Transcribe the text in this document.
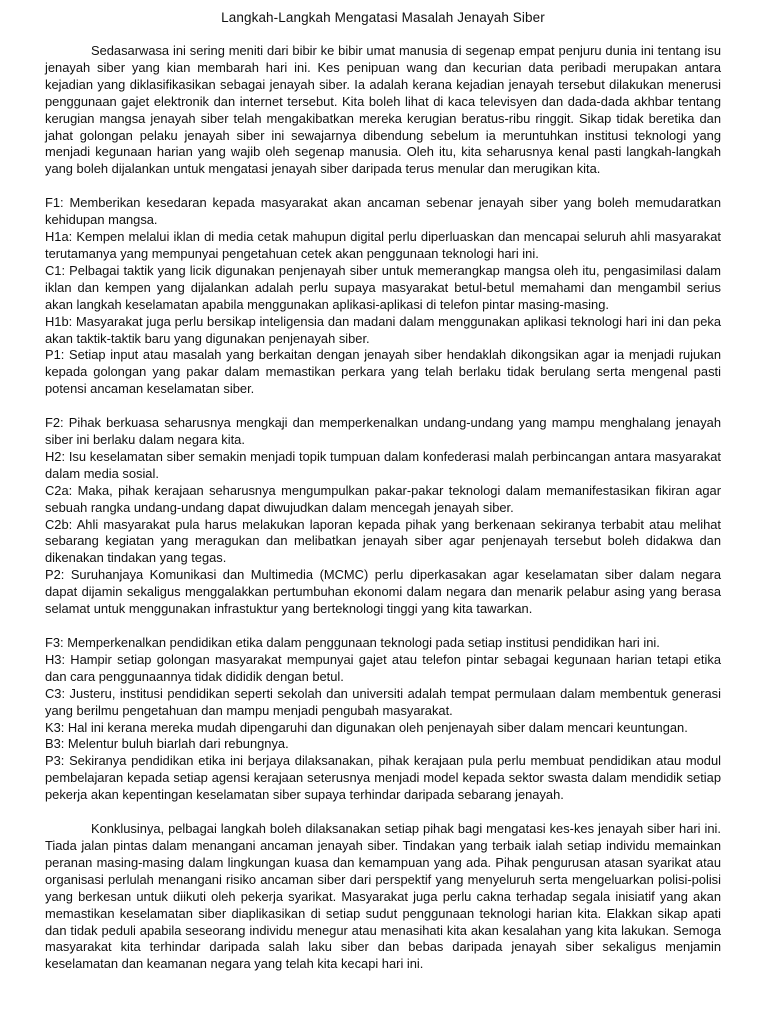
Langkah-Langkah Mengatasi Masalah Jenayah Siber

Sedasarwasa ini sering meniti dari bibir ke bibir umat manusia di segenap empat penjuru dunia ini tentang isu jenayah siber yang kian membarah hari ini. Kes penipuan wang dan kecurian data peribadi merupakan antara kejadian yang diklasifikasikan sebagai jenayah siber. Ia adalah kerana kejadian jenayah tersebut dilakukan menerusi penggunaan gajet elektronik dan internet tersebut. Kita boleh lihat di kaca televisyen dan dada-dada akhbar tentang kerugian mangsa jenayah siber telah mengakibatkan mereka kerugian beratus-ribu ringgit. Sikap tidak beretika dan jahat golongan pelaku jenayah siber ini sewajarnya dibendung sebelum ia meruntuhkan institusi teknologi yang menjadi kegunaan harian yang wajib oleh segenap manusia. Oleh itu, kita seharusnya kenal pasti langkah-langkah yang boleh dijalankan untuk mengatasi jenayah siber daripada terus menular dan merugikan kita.

F1: Memberikan kesedaran kepada masyarakat akan ancaman sebenar jenayah siber yang boleh memudaratkan kehidupan mangsa.

H1a: Kempen melalui iklan di media cetak mahupun digital perlu diperluaskan dan mencapai seluruh ahli masyarakat terutamanya yang mempunyai pengetahuan cetek akan penggunaan teknologi hari ini.

C1: Pelbagai taktik yang licik digunakan penjenayah siber untuk memerangkap mangsa oleh itu, pengasimilasi dalam iklan dan kempen yang dijalankan adalah perlu supaya masyarakat betul-betul memahami dan mengambil serius akan langkah keselamatan apabila menggunakan aplikasi-aplikasi di telefon pintar masing-masing.

H1b: Masyarakat juga perlu bersikap inteligensia dan madani dalam menggunakan aplikasi teknologi hari ini dan peka akan taktik-taktik baru yang digunakan penjenayah siber.

P1: Setiap input atau masalah yang berkaitan dengan jenayah siber hendaklah dikongsikan agar ia menjadi rujukan kepada golongan yang pakar dalam memastikan perkara yang telah berlaku tidak berulang serta mengenal pasti potensi ancaman keselamatan siber.

F2: Pihak berkuasa seharusnya mengkaji dan memperkenalkan undang-undang yang mampu menghalang jenayah siber ini berlaku dalam negara kita.

H2: Isu keselamatan siber semakin menjadi topik tumpuan dalam konfederasi malah perbincangan antara masyarakat dalam media sosial.

C2a: Maka, pihak kerajaan seharusnya mengumpulkan pakar-pakar teknologi dalam memanifestasikan fikiran agar sebuah rangka undang-undang dapat diwujudkan dalam mencegah jenayah siber.

C2b: Ahli masyarakat pula harus melakukan laporan kepada pihak yang berkenaan sekiranya terbabit atau melihat sebarang kegiatan yang meragukan dan melibatkan jenayah siber agar penjenayah tersebut boleh didakwa dan dikenakan tindakan yang tegas.

P2: Suruhanjaya Komunikasi dan Multimedia (MCMC) perlu diperkasakan agar keselamatan siber dalam negara dapat dijamin sekaligus menggalakkan pertumbuhan ekonomi dalam negara dan menarik pelabur asing yang berasa selamat untuk menggunakan infrastuktur yang berteknologi tinggi yang kita tawarkan.

F3: Memperkenalkan pendidikan etika dalam penggunaan teknologi pada setiap institusi pendidikan hari ini.

H3: Hampir setiap golongan masyarakat mempunyai gajet atau telefon pintar sebagai kegunaan harian tetapi etika dan cara penggunaannya tidak dididik dengan betul.

C3: Justeru, institusi pendidikan seperti sekolah dan universiti adalah tempat permulaan dalam membentuk generasi yang berilmu pengetahuan dan mampu menjadi pengubah masyarakat.

K3: Hal ini kerana mereka mudah dipengaruhi dan digunakan oleh penjenayah siber dalam mencari keuntungan.

B3: Melentur buluh biarlah dari rebungnya.

P3: Sekiranya pendidikan etika ini berjaya dilaksanakan, pihak kerajaan pula perlu membuat pendidikan atau modul pembelajaran kepada setiap agensi kerajaan seterusnya menjadi model kepada sektor swasta dalam mendidik setiap pekerja akan kepentingan keselamatan siber supaya terhindar daripada sebarang jenayah.

Konklusinya, pelbagai langkah boleh dilaksanakan setiap pihak bagi mengatasi kes-kes jenayah siber hari ini. Tiada jalan pintas dalam menangani ancaman jenayah siber. Tindakan yang terbaik ialah setiap individu memainkan peranan masing-masing dalam lingkungan kuasa dan kemampuan yang ada. Pihak pengurusan atasan syarikat atau organisasi perlulah menangani risiko ancaman siber dari perspektif yang menyeluruh serta mengeluarkan polisi-polisi yang berkesan untuk diikuti oleh pekerja syarikat. Masyarakat juga perlu cakna terhadap segala inisiatif yang akan memastikan keselamatan siber diaplikasikan di setiap sudut penggunaan teknologi harian kita. Elakkan sikap apati dan tidak peduli apabila seseorang individu menegur atau menasihati kita akan kesalahan yang kita lakukan. Semoga masyarakat kita terhindar daripada salah laku siber dan bebas daripada jenayah siber sekaligus menjamin keselamatan dan keamanan negara yang telah kita kecapi hari ini.
